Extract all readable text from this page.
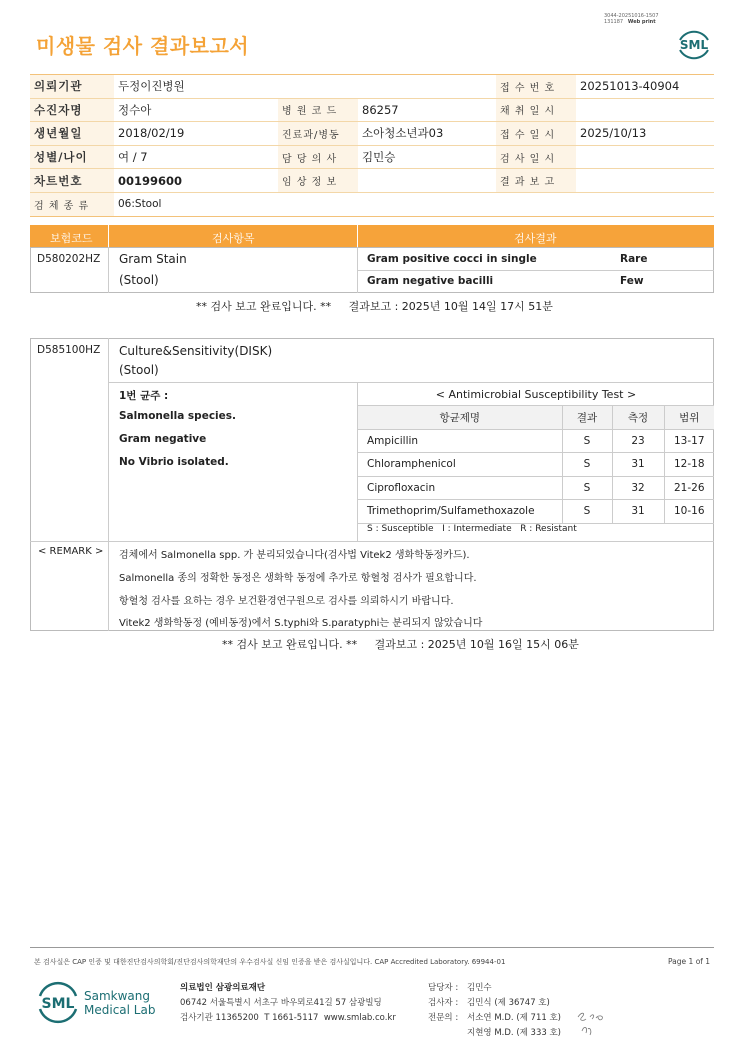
미생물 검사 결과보고서
3044-20251016-1507
131187 Web print
SML
의뢰기관	두정이진병원			접 수 번 호	20251013-40904
수진자명	정수아	병 원 코 드	86257	채 취 일 시	
생년월일	2018/02/19	진료과/병동	소아청소년과03	접 수 일 시	2025/10/13
성별/나이	여 / 7	담 당 의 사	김민승	검 사 일 시	
차트번호	00199600	임 상 정 보		결 과 보 고	
검 체 종 류	06:Stool				
보험코드	검사항목	검사결과
D580202HZ Gram Stain
(Stool)
Gram positive cocci in single	Rare
Gram negative bacilli	Few
** 검사 보고 완료입니다. **     결과보고 : 2025년 10월 14일 17시 51분
D585100HZ Culture&Sensitivity(DISK)
(Stool)
1번 균주 :
Salmonella species.
Gram negative
No Vibrio isolated.
< Antimicrobial Susceptibility Test >
항균제명	결과	측정	범위
Ampicillin	S	23	13-17
Chloramphenicol	S	31	12-18
Ciprofloxacin	S	32	21-26
Trimethoprim/Sulfamethoxazole	S	31	10-16
S : Susceptible   I : Intermediate   R : Resistant
< REMARK > 검체에서 Salmonella spp. 가 분리되었습니다(검사법 Vitek2 생화학동정카드).
Salmonella 종의 정확한 동정은 생화학 동정에 추가로 항혈청 검사가 필요합니다.
항혈청 검사를 요하는 경우 보건환경연구원으로 검사를 의뢰하시기 바랍니다.
Vitek2 생화학동정 (예비동정)에서 S.typhi와 S.paratyphi는 분리되지 않았습니다
** 검사 보고 완료입니다. **     결과보고 : 2025년 10월 16일 15시 06분
본 검사실은 CAP 인증 및 대한진단검사의학회/진단검사의학재단의 우수검사실 신임 인증을 받은 검사실입니다. CAP Accredited Laboratory. 69944-01	Page 1 of 1
SML Samkwang
Medical Lab
의료법인 삼광의료재단
06742 서울특별시 서초구 바우뫼로41길 57 삼광빌딩
검사기관 11365200  T 1661-5117  www.smlab.co.kr
담당자 : 김민수
검사자 : 김민식 (제 36747 호)
전문의 : 서소연 M.D. (제 711 호)
지현영 M.D. (제 333 호)
